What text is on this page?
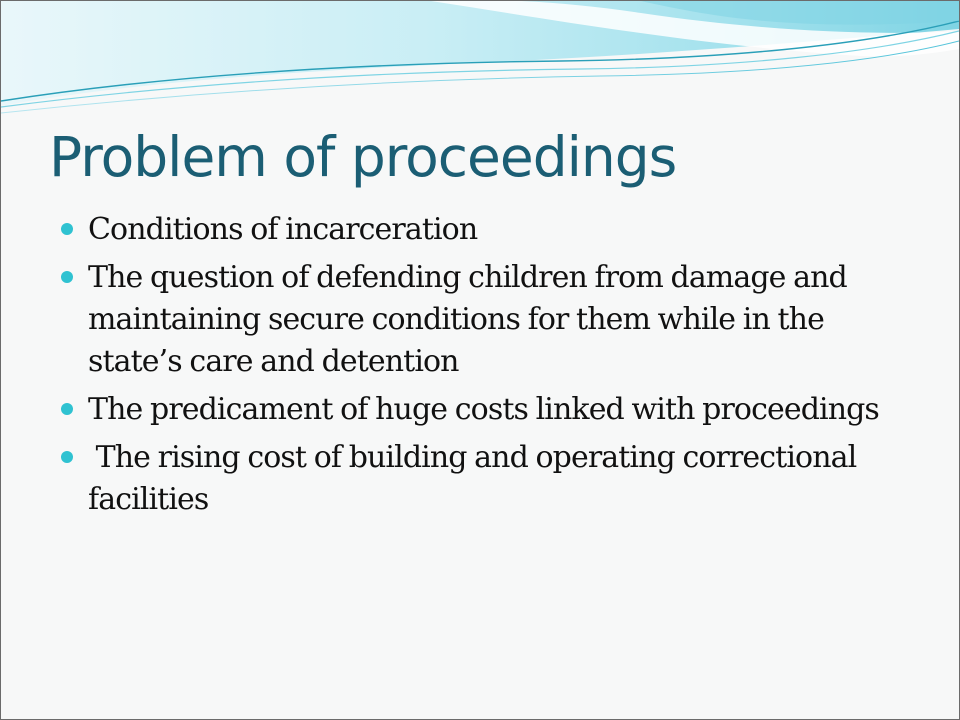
Problem of proceedings
Conditions of incarceration
The question of defending children from damage and maintaining secure conditions for them while in the state’s care and detention
The predicament of huge costs linked with proceedings
The rising cost of building and operating correctional facilities
